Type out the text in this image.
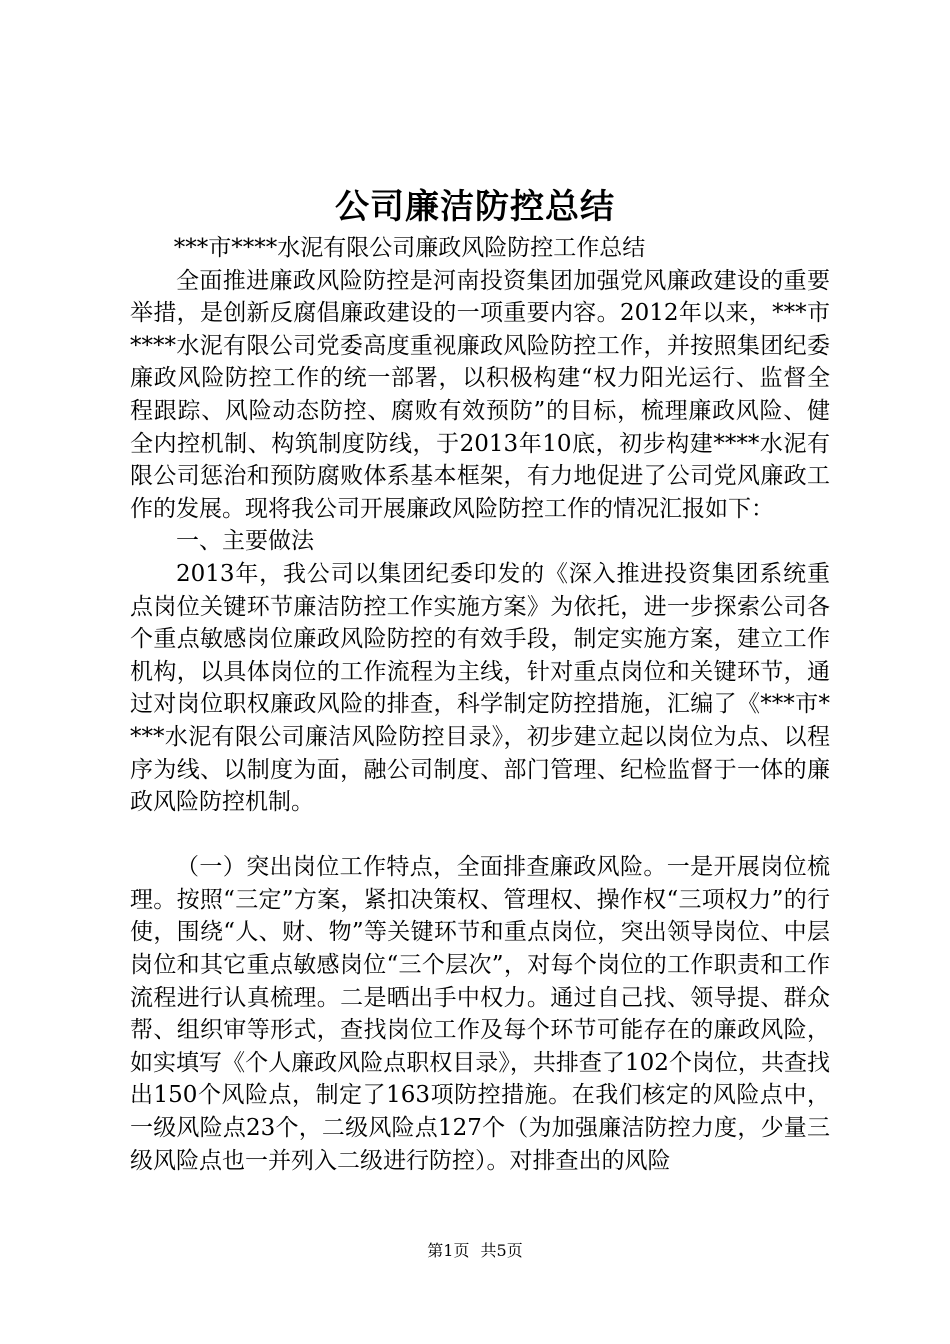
公司廉洁防控总结

***市****水泥有限公司廉政风险防控工作总结

全面推进廉政风险防控是河南投资集团加强党风廉政建设的重要举措，是创新反腐倡廉政建设的一项重要内容。2012年以来，***市****水泥有限公司党委高度重视廉政风险防控工作，并按照集团纪委廉政风险防控工作的统一部署，以积极构建“权力阳光运行、监督全程跟踪、风险动态防控、腐败有效预防”的目标，梳理廉政风险、健全内控机制、构筑制度防线，于2013年10底，初步构建****水泥有限公司惩治和预防腐败体系基本框架，有力地促进了公司党风廉政工作的发展。现将我公司开展廉政风险防控工作的情况汇报如下：

一、主要做法

2013年，我公司以集团纪委印发的《深入推进投资集团系统重点岗位关键环节廉洁防控工作实施方案》为依托，进一步探索公司各个重点敏感岗位廉政风险防控的有效手段，制定实施方案，建立工作机构，以具体岗位的工作流程为主线，针对重点岗位和关键环节，通过对岗位职权廉政风险的排查，科学制定防控措施，汇编了《***市****水泥有限公司廉洁风险防控目录》，初步建立起以岗位为点、以程序为线、以制度为面，融公司制度、部门管理、纪检监督于一体的廉政风险防控机制。

（一）突出岗位工作特点，全面排查廉政风险。一是开展岗位梳理。按照“三定”方案，紧扣决策权、管理权、操作权“三项权力”的行使，围绕“人、财、物”等关键环节和重点岗位，突出领导岗位、中层岗位和其它重点敏感岗位“三个层次”，对每个岗位的工作职责和工作流程进行认真梳理。二是晒出手中权力。通过自己找、领导提、群众帮、组织审等形式，查找岗位工作及每个环节可能存在的廉政风险，如实填写《个人廉政风险点职权目录》，共排查了102个岗位，共查找出150个风险点，制定了163项防控措施。在我们核定的风险点中，一级风险点23个，二级风险点127个（为加强廉洁防控力度，少量三级风险点也一并列入二级进行防控）。对排查出的风险

第1页 共5页
